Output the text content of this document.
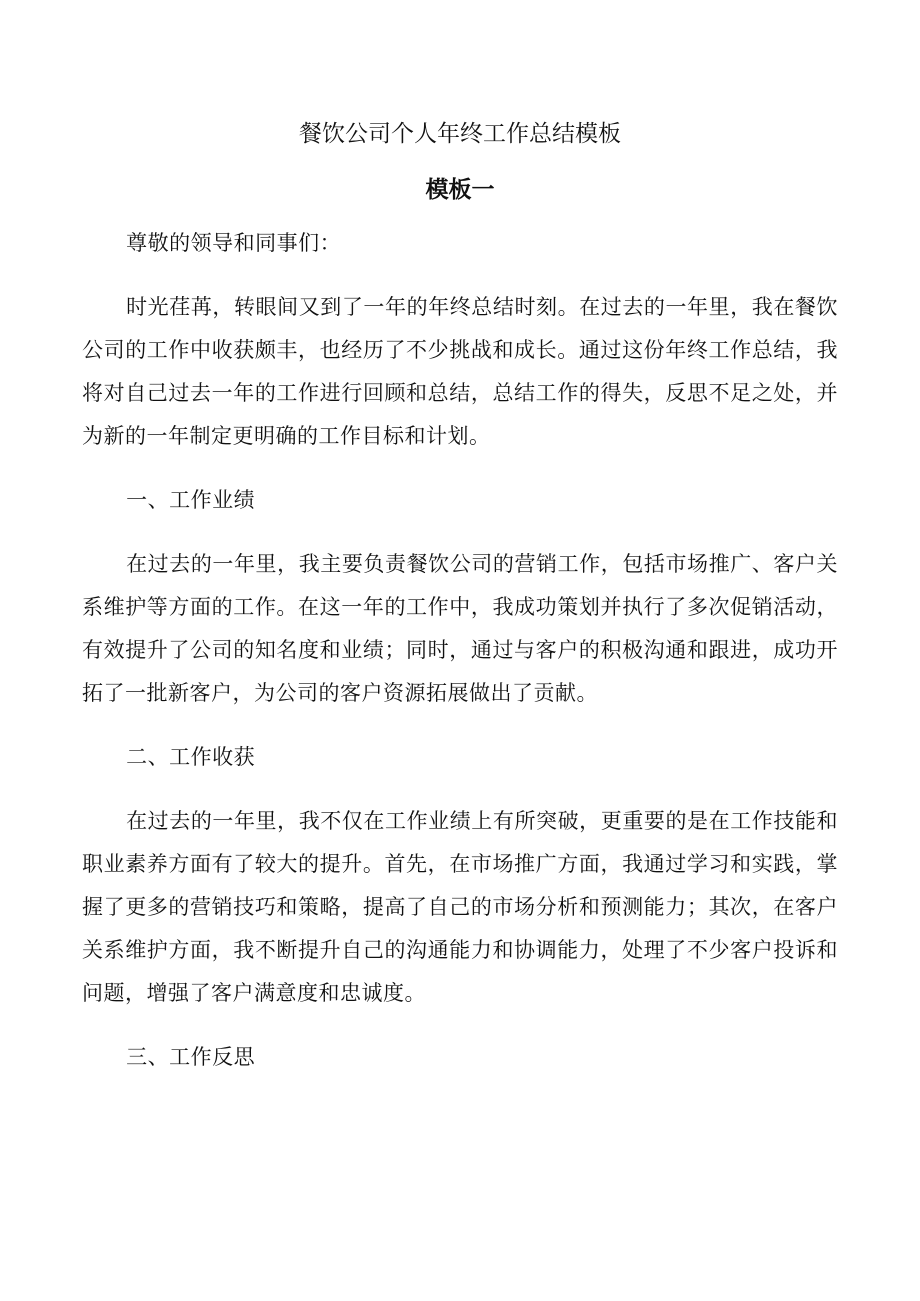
餐饮公司个人年终工作总结模板
模板一

尊敬的领导和同事们：

时光荏苒，转眼间又到了一年的年终总结时刻。在过去的一年里，我在餐饮公司的工作中收获颇丰，也经历了不少挑战和成长。通过这份年终工作总结，我将对自己过去一年的工作进行回顾和总结，总结工作的得失，反思不足之处，并为新的一年制定更明确的工作目标和计划。

一、工作业绩

在过去的一年里，我主要负责餐饮公司的营销工作，包括市场推广、客户关系维护等方面的工作。在这一年的工作中，我成功策划并执行了多次促销活动，有效提升了公司的知名度和业绩；同时，通过与客户的积极沟通和跟进，成功开拓了一批新客户，为公司的客户资源拓展做出了贡献。

二、工作收获

在过去的一年里，我不仅在工作业绩上有所突破，更重要的是在工作技能和职业素养方面有了较大的提升。首先，在市场推广方面，我通过学习和实践，掌握了更多的营销技巧和策略，提高了自己的市场分析和预测能力；其次，在客户关系维护方面，我不断提升自己的沟通能力和协调能力，处理了不少客户投诉和问题，增强了客户满意度和忠诚度。

三、工作反思
